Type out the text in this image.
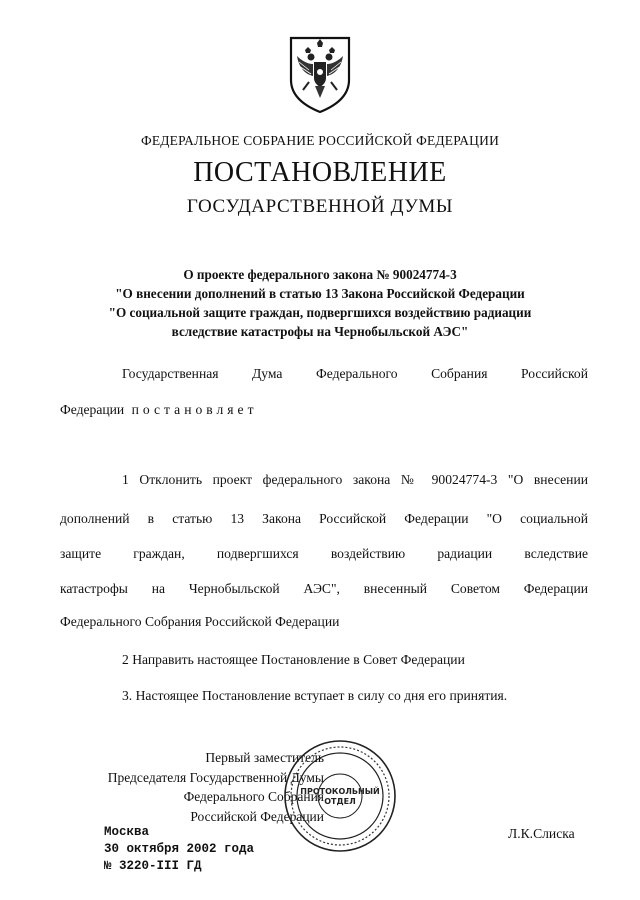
ФЕДЕРАЛЬНОЕ СОБРАНИЕ РОССИЙСКОЙ ФЕДЕРАЦИИ
ПОСТАНОВЛЕНИЕ
ГОСУДАРСТВЕННОЙ ДУМЫ
О проекте федерального закона № 90024774-3
"О внесении дополнений в статью 13 Закона Российской Федерации
"О социальной защите граждан, подвергшихся воздействию радиации
вследствие катастрофы на Чернобыльской АЭС"
Государственная Дума Федерального Собрания Российской
Федерации постановляет
1 Отклонить проект федерального закона № 90024774-3 "О внесении
дополнений в статью 13 Закона Российской Федерации "О социальной
защите граждан, подвергшихся воздействию радиации вследствие
катастрофы на Чернобыльской АЭС", внесенный Советом Федерации
Федерального Собрания Российской Федерации
2 Направить настоящее Постановление в Совет Федерации
3. Настоящее Постановление вступает в силу со дня его принятия.
Первый заместитель
Председателя Государственной Думы
Федерального Собрания
Российской Федерации
ПРОТОКОЛЬНЫЙ
ОТДЕЛ
Л.К.Слиска
Москва
30 октября 2002 года
№ 3220-III ГД
